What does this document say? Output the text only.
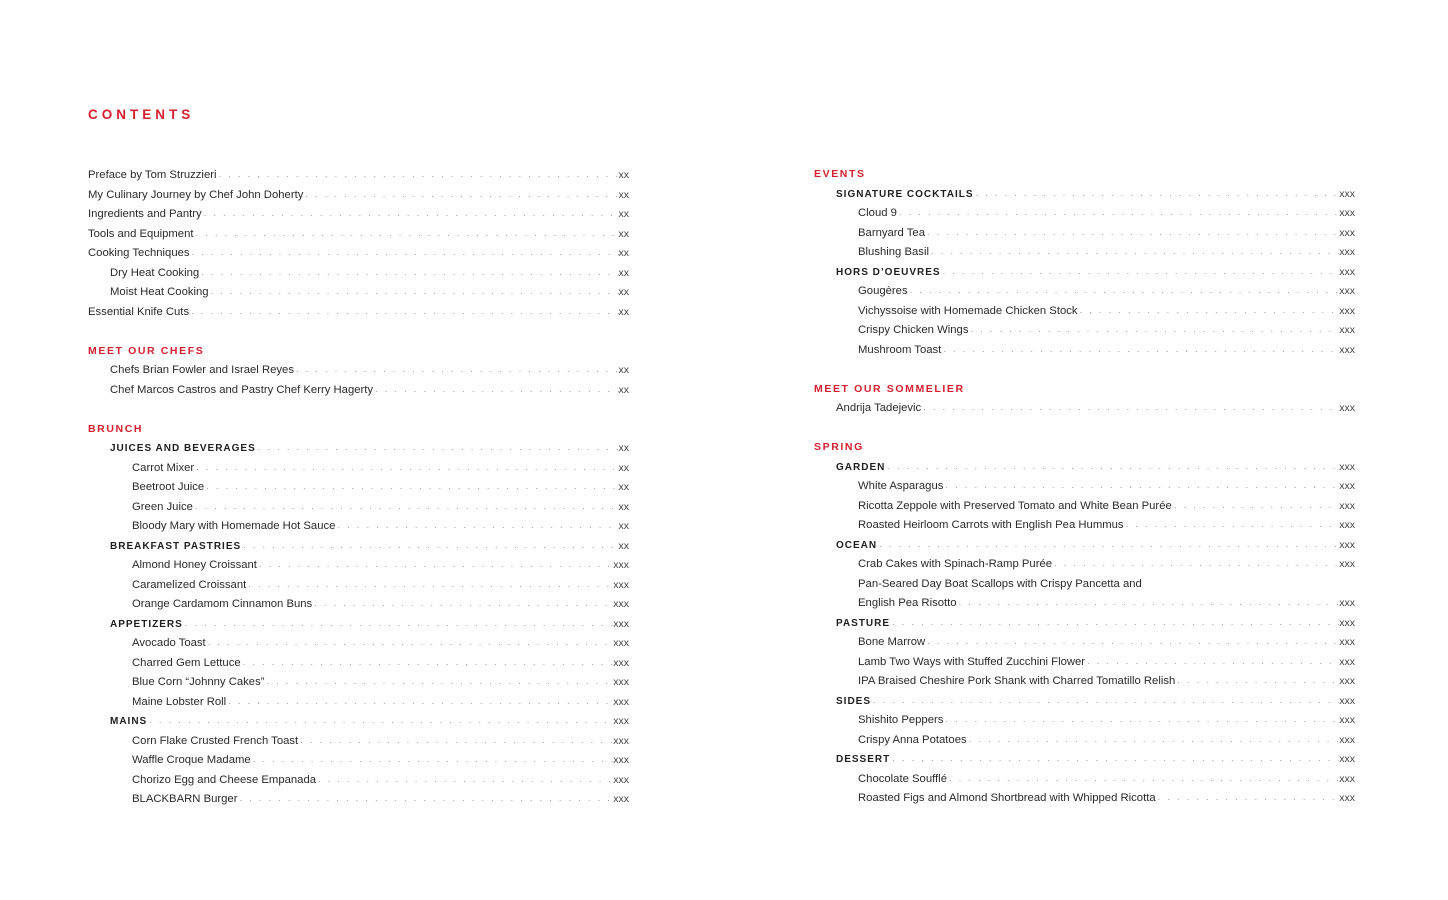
CONTENTS
Preface by Tom Struzzieri . . .	xx
My Culinary Journey by Chef John Doherty . . .	xx
Ingredients and Pantry . . .	xx
Tools and Equipment . . .	xx
Cooking Techniques . . .	xx
Dry Heat Cooking . . .	xx
Moist Heat Cooking . . .	xx
Essential Knife Cuts . . .	xx
MEET OUR CHEFS
Chefs Brian Fowler and Israel Reyes . . .	xx
Chef Marcos Castros and Pastry Chef Kerry Hagerty . . .	xx
BRUNCH
JUICES AND BEVERAGES . . .	xx
Carrot Mixer . . .	xx
Beetroot Juice . . .	xx
Green Juice . . .	xx
Bloody Mary with Homemade Hot Sauce . . .	xx
BREAKFAST PASTRIES . . .	xx
Almond Honey Croissant . . .	xxx
Caramelized Croissant . . .	xxx
Orange Cardamom Cinnamon Buns . . .	xxx
APPETIZERS . . .	xxx
Avocado Toast . . .	xxx
Charred Gem Lettuce . . .	xxx
Blue Corn “Johnny Cakes” . . .	xxx
Maine Lobster Roll . . .	xxx
MAINS . . .	xxx
Corn Flake Crusted French Toast . . .	xxx
Waffle Croque Madame . . .	xxx
Chorizo Egg and Cheese Empanada . . .	xxx
BLACKBARN Burger . . .	xxx
EVENTS
SIGNATURE COCKTAILS . . .	xxx
Cloud 9 . . .	xxx
Barnyard Tea . . .	xxx
Blushing Basil . . .	xxx
HORS D’OEUVRES . . .	xxx
Gougères . . .	xxx
Vichyssoise with Homemade Chicken Stock . . .	xxx
Crispy Chicken Wings . . .	xxx
Mushroom Toast . . .	xxx
MEET OUR SOMMELIER
Andrija Tadejevic . . .	xxx
SPRING
GARDEN . . .	xxx
White Asparagus . . .	xxx
Ricotta Zeppole with Preserved Tomato and White Bean Purée . . .	xxx
Roasted Heirloom Carrots with English Pea Hummus . . .	xxx
OCEAN . . .	xxx
Crab Cakes with Spinach-Ramp Purée . . .	xxx
Pan-Seared Day Boat Scallops with Crispy Pancetta and
English Pea Risotto . . .	xxx
PASTURE . . .	xxx
Bone Marrow . . .	xxx
Lamb Two Ways with Stuffed Zucchini Flower . . .	xxx
IPA Braised Cheshire Pork Shank with Charred Tomatillo Relish . . .	xxx
SIDES . . .	xxx
Shishito Peppers . . .	xxx
Crispy Anna Potatoes . . .	xxx
DESSERT . . .	xxx
Chocolate Soufflé . . .	xxx
Roasted Figs and Almond Shortbread with Whipped Ricotta . . .	xxx
